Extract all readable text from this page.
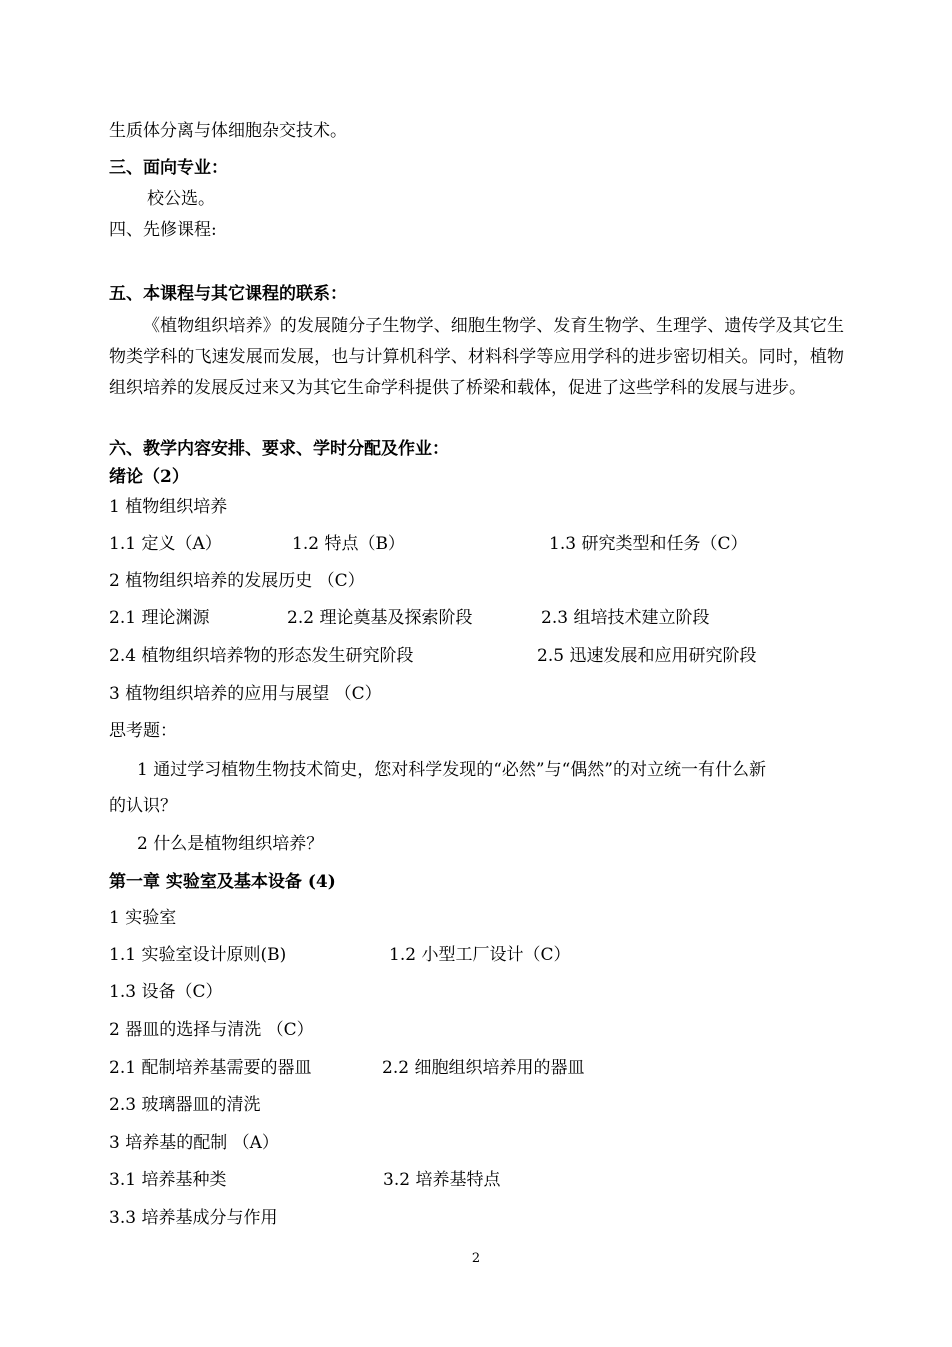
生质体分离与体细胞杂交技术。
三、面向专业：
校公选。
四、先修课程:
五、本课程与其它课程的联系：
《植物组织培养》的发展随分子生物学、细胞生物学、发育生物学、生理学、遗传学及其它生物类学科的飞速发展而发展，也与计算机科学、材料科学等应用学科的进步密切相关。同时，植物组织培养的发展反过来又为其它生命学科提供了桥梁和载体，促进了这些学科的发展与进步。
六、教学内容安排、要求、学时分配及作业：
绪论（2）
1 植物组织培养
1.1 定义（A）	1.2 特点（B）	1.3 研究类型和任务（C）
2 植物组织培养的发展历史 （C）
2.1 理论渊源	2.2 理论奠基及探索阶段	2.3 组培技术建立阶段
2.4 植物组织培养物的形态发生研究阶段	2.5 迅速发展和应用研究阶段
3 植物组织培养的应用与展望 （C）
思考题：
1 通过学习植物生物技术简史，您对科学发现的“必然”与“偶然”的对立统一有什么新
的认识？
2 什么是植物组织培养？
第一章 实验室及基本设备 (4)
1 实验室
1.1 实验室设计原则(B)	1.2 小型工厂设计（C）
1.3 设备（C）
2 器皿的选择与清洗 （C）
2.1 配制培养基需要的器皿	2.2 细胞组织培养用的器皿
2.3 玻璃器皿的清洗
3 培养基的配制 （A）
3.1 培养基种类	3.2 培养基特点
3.3 培养基成分与作用
2
